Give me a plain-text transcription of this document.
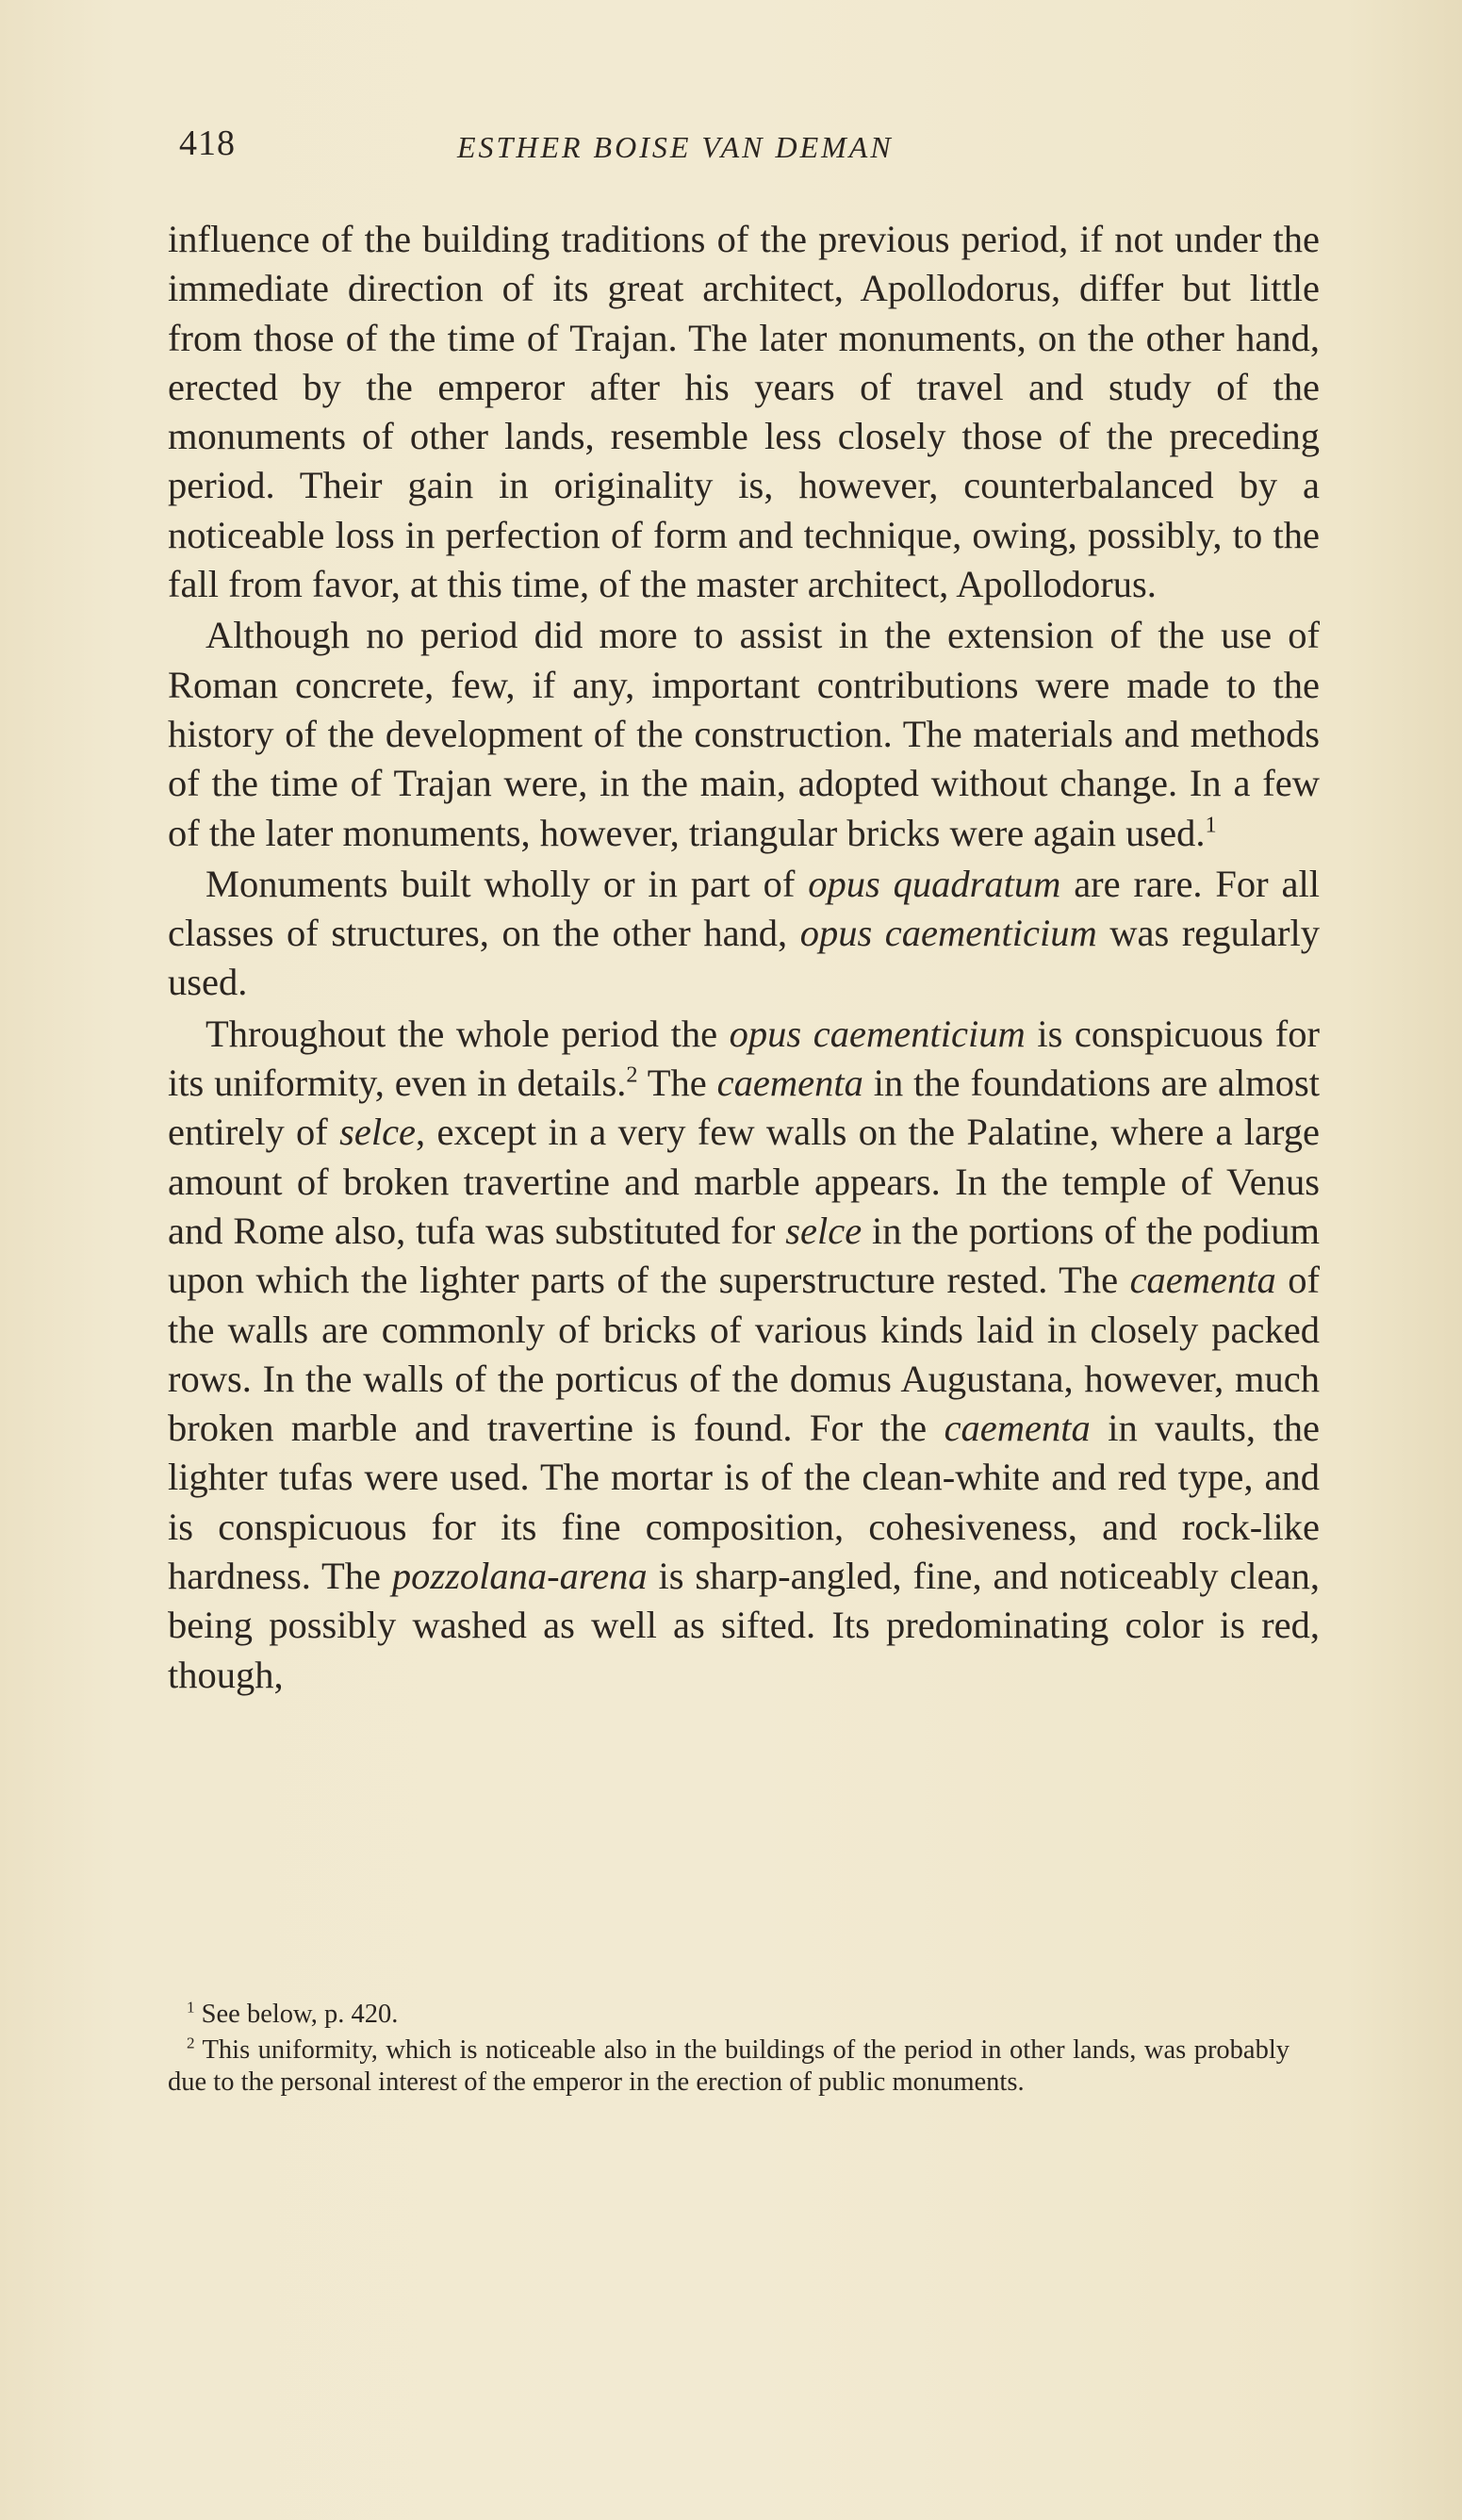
418	ESTHER BOISE VAN DEMAN

influence of the building traditions of the previous period, if not under the immediate direction of its great architect, Apollodorus, differ but little from those of the time of Trajan. The later monuments, on the other hand, erected by the emperor after his years of travel and study of the monuments of other lands, resemble less closely those of the preceding period. Their gain in originality is, however, counterbalanced by a noticeable loss in perfection of form and technique, owing, possibly, to the fall from favor, at this time, of the master architect, Apollodorus.

Although no period did more to assist in the extension of the use of Roman concrete, few, if any, important contributions were made to the history of the development of the construction. The materials and methods of the time of Trajan were, in the main, adopted without change. In a few of the later monuments, however, triangular bricks were again used.$^1$

Monuments built wholly or in part of opus quadratum are rare. For all classes of structures, on the other hand, opus caementicium was regularly used.

Throughout the whole period the opus caementicium is conspicuous for its uniformity, even in details.$^2$ The caementa in the foundations are almost entirely of selce, except in a very few walls on the Palatine, where a large amount of broken travertine and marble appears. In the temple of Venus and Rome also, tufa was substituted for selce in the portions of the podium upon which the lighter parts of the superstructure rested. The caementa of the walls are commonly of bricks of various kinds laid in closely packed rows. In the walls of the porticus of the domus Augustana, however, much broken marble and travertine is found. For the caementa in vaults, the lighter tufas were used. The mortar is of the clean-white and red type, and is conspicuous for its fine composition, cohesiveness, and rock-like hardness. The pozzolana-arena is sharp-angled, fine, and noticeably clean, being possibly washed as well as sifted. Its predominating color is red, though,

$^1$ See below, p. 420.

$^2$ This uniformity, which is noticeable also in the buildings of the period in other lands, was probably due to the personal interest of the emperor in the erection of public monuments.
